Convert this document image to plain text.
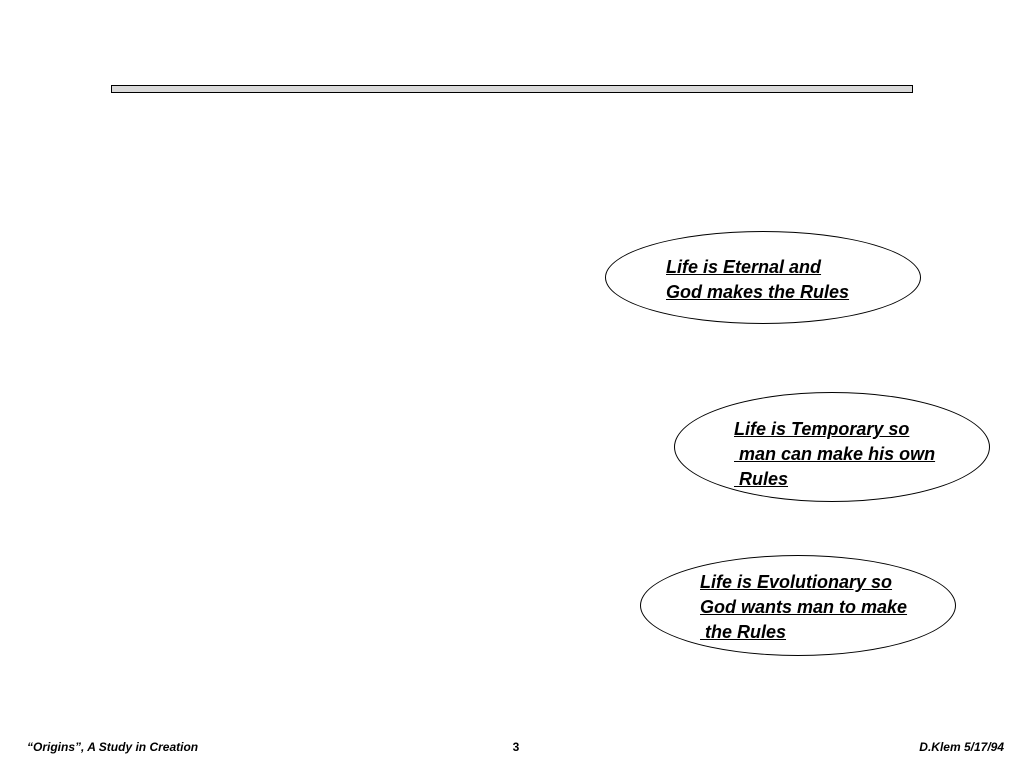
Life is Eternal and
God makes the Rules
Life is Temporary so
man can make his own
Rules
Life is Evolutionary so
God wants man to make
the Rules
“Origins”, A Study in Creation	3	D.Klem 5/17/94
